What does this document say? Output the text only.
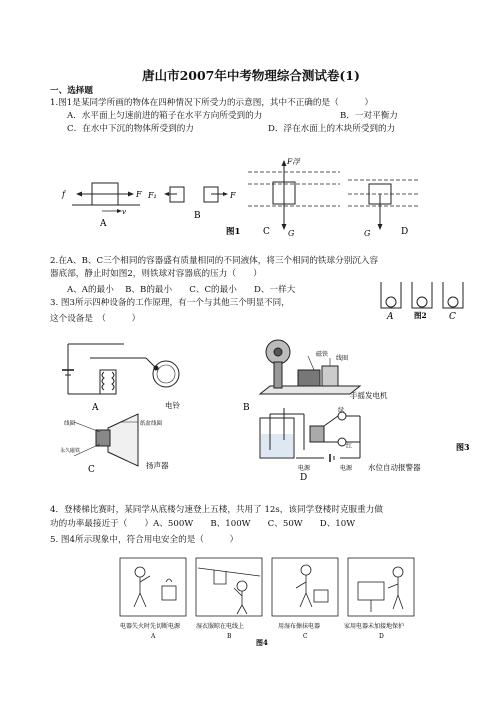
唐山市2007年中考物理综合测试卷(1)
一、选择题
1.图1是某同学所画的物体在四种情况下所受力的示意图，其中不正确的是（　　　）
A．水平面上匀速前进的箱子在水平方向所受到的力	B．一对平衡力
C．在水中下沉的物体所受到的力	D．浮在水面上的木块所受到的力
f	F
v
A
F₁	F
B
F浮
G
图1	C	G	D
2.在A、B、C三个相同的容器盛有质量相同的不同液体，将三个相同的铁球分别沉入容
器底部，静止时如图2，则铁球对容器底的压力（　　）
A、A的最小　 B、B的最小　　C、C的最小　　D、一样大
A	图2 C
3. 图3所示四种设备的工作原理，有一个与其他三个明显不同，
这个设备是　（　　　）
A	电铃
磁铁
线圈
B
手摇发电机
线圈	纸盆线圈
永久磁铁
C	扬声器
绿
红
电源	电源
D
水位自动报警器
图3
4．登楼梯比赛时，某同学从底楼匀速登上五楼，共用了 12s，该同学登楼时克服重力做
功的功率最接近于（　　）A、500W　　B、100W　　C、50W　　D、10W
5. 图4所示现象中，符合用电安全的是（　　　）
电器失火时先切断电源	湿衣服晾在电线上	用湿布擦抹电器	家用电器未加接地保护
A	B	C	D
图4
